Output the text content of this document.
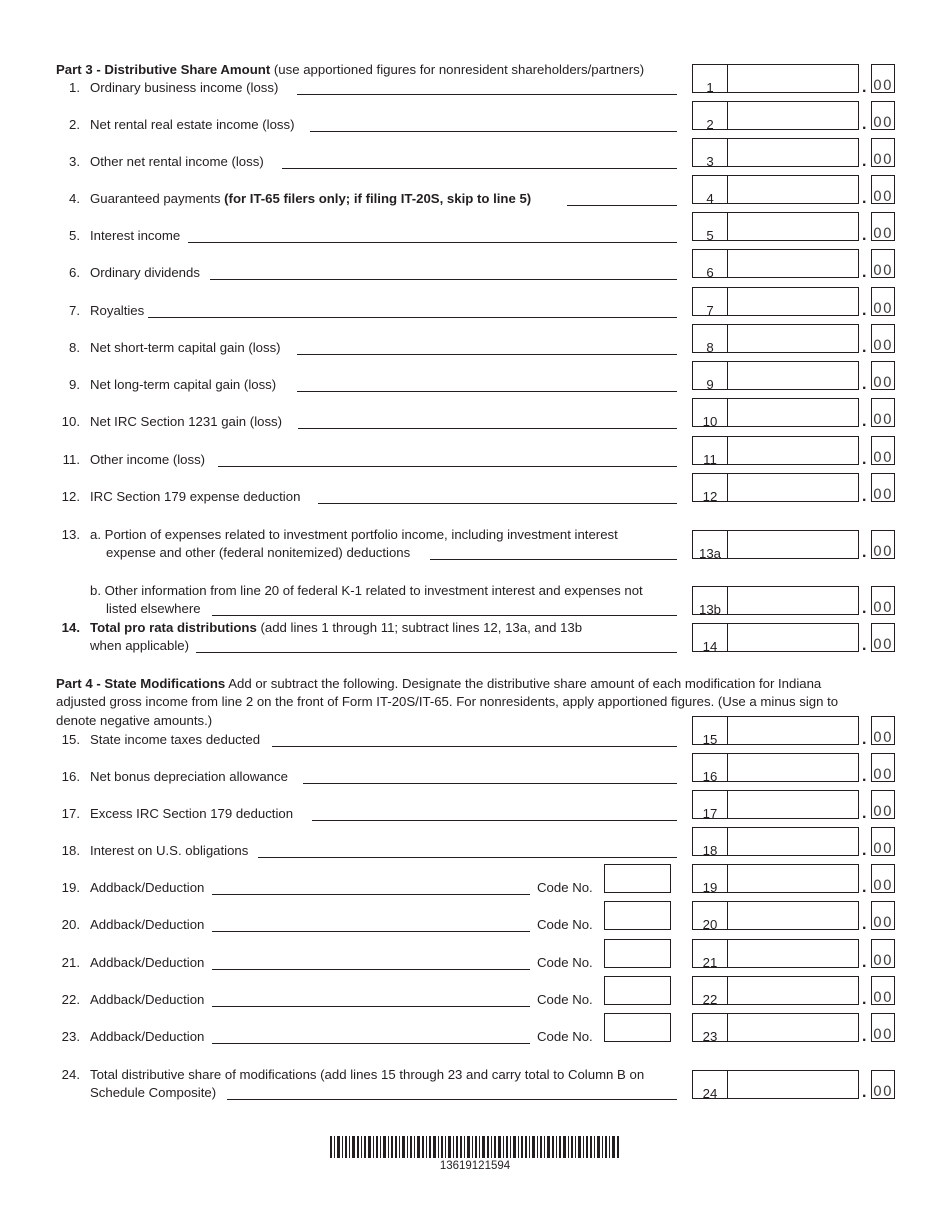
Part 3 - Distributive Share Amount (use apportioned figures for nonresident shareholders/partners)
1. Ordinary business income (loss)	1	. 00
2. Net rental real estate income (loss)	2	. 00
3. Other net rental income (loss)	3	. 00
4. Guaranteed payments (for IT-65 filers only; if filing IT-20S, skip to line 5)	4	. 00
5. Interest income	5	. 00
6. Ordinary dividends	6	. 00
7. Royalties	7	. 00
8. Net short-term capital gain (loss)	8	. 00
9. Net long-term capital gain (loss)	9	. 00
10. Net IRC Section 1231 gain (loss)	10	. 00
11. Other income (loss)	11	. 00
12. IRC Section 179 expense deduction	12	. 00
13. a. Portion of expenses related to investment portfolio income, including investment interest
expense and other (federal nonitemized) deductions	13a	. 00
b. Other information from line 20 of federal K-1 related to investment interest and expenses not
listed elsewhere	13b	. 00
14. Total pro rata distributions (add lines 1 through 11; subtract lines 12, 13a, and 13b
when applicable)	14	. 00
Part 4 - State Modifications Add or subtract the following. Designate the distributive share amount of each modification for Indiana
adjusted gross income from line 2 on the front of Form IT-20S/IT-65. For nonresidents, apply apportioned figures. (Use a minus sign to
denote negative amounts.)
15. State income taxes deducted	15	. 00
16. Net bonus depreciation allowance	16	. 00
17. Excess IRC Section 179 deduction	17	. 00
18. Interest on U.S. obligations	18	. 00
19. Addback/Deduction	Code No.	19	. 00
20. Addback/Deduction	Code No.	20	. 00
21. Addback/Deduction	Code No.	21	. 00
22. Addback/Deduction	Code No.	22	. 00
23. Addback/Deduction	Code No.	23	. 00
24. Total distributive share of modifications (add lines 15 through 23 and carry total to Column B on
Schedule Composite)	24	. 00
13619121594
